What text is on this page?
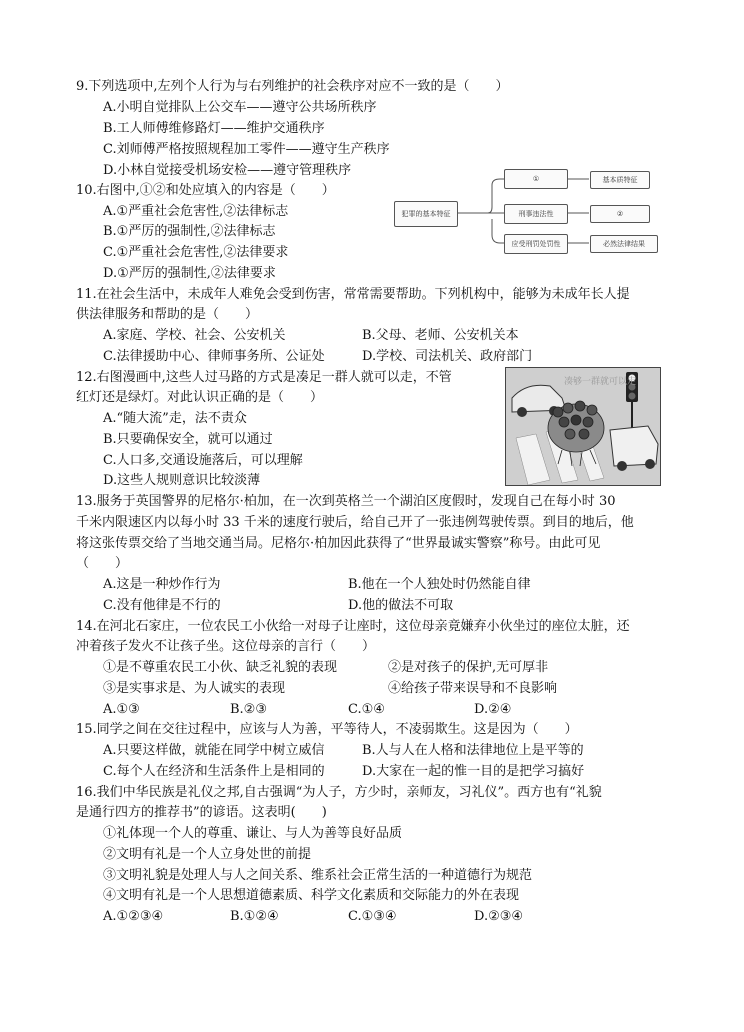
9.下列选项中,左列个人行为与右列维护的社会秩序对应不一致的是（　　）
A.小明自觉排队上公交车——遵守公共场所秩序
B.工人师傅维修路灯——维护交通秩序
C.刘师傅严格按照规程加工零件——遵守生产秩序
D.小林自觉接受机场安检——遵守管理秩序
10.右图中,①②和处应填入的内容是（　　）
A.①严重社会危害性,②法律标志
B.①严厉的强制性,②法律标志
C.①严重社会危害性,②法律要求
D.①严厉的强制性,②法律要求
犯罪的基本特征
①
刑事违法性
应受刑罚处罚性
基本质特征
②
必然法律结果
11.在社会生活中，未成年人难免会受到伤害，常常需要帮助。下列机构中，能够为未成年长人提
供法律服务和帮助的是（　　）
A.家庭、学校、社会、公安机关	B.父母、老师、公安机关本
C.法律援助中心、律师事务所、公证处	D.学校、司法机关、政府部门
12.右图漫画中,这些人过马路的方式是凑足一群人就可以走，不管
红灯还是绿灯。对此认识正确的是（　　）
A.“随大流”走，法不责众
B.只要确保安全，就可以通过
C.人口多,交通设施落后，可以理解
D.这些人规则意识比较淡薄
凑够一群就可以走
13.服务于英国警界的尼格尔·柏加，在一次到英格兰一个湖泊区度假时，发现自己在每小时 30
千米内限速区内以每小时 33 千米的速度行驶后，给自己开了一张违例驾驶传票。到目的地后，他
将这张传票交给了当地交通当局。尼格尔·柏加因此获得了“世界最诚实警察”称号。由此可见
（　　）
A.这是一种炒作行为	B.他在一个人独处时仍然能自律
C.没有他律是不行的	D.他的做法不可取
14.在河北石家庄，一位农民工小伙给一对母子让座时，这位母亲竟嫌弃小伙坐过的座位太脏，还
冲着孩子发火不让孩子坐。这位母亲的言行（　　）
①是不尊重农民工小伙、缺乏礼貌的表现	②是对孩子的保护,无可厚非
③是实事求是、为人诚实的表现	④给孩子带来误导和不良影响
A.①③	B.②③	C.①④	D.②④
15.同学之间在交往过程中，应该与人为善，平等待人，不凌弱欺生。这是因为（　　）
A.只要这样做，就能在同学中树立威信	B.人与人在人格和法律地位上是平等的
C.每个人在经济和生活条件上是相同的	D.大家在一起的惟一目的是把学习搞好
16.我们中华民族是礼仪之邦,自古强调“为人子，方少时，亲师友，习礼仪”。西方也有“礼貌
是通行四方的推荐书”的谚语。这表明(　　)
①礼体现一个人的尊重、谦让、与人为善等良好品质
②文明有礼是一个人立身处世的前提
③文明礼貌是处理人与人之间关系、维系社会正常生活的一种道德行为规范
④文明有礼是一个人思想道德素质、科学文化素质和交际能力的外在表现
A.①②③④	B.①②④	C.①③④	D.②③④
